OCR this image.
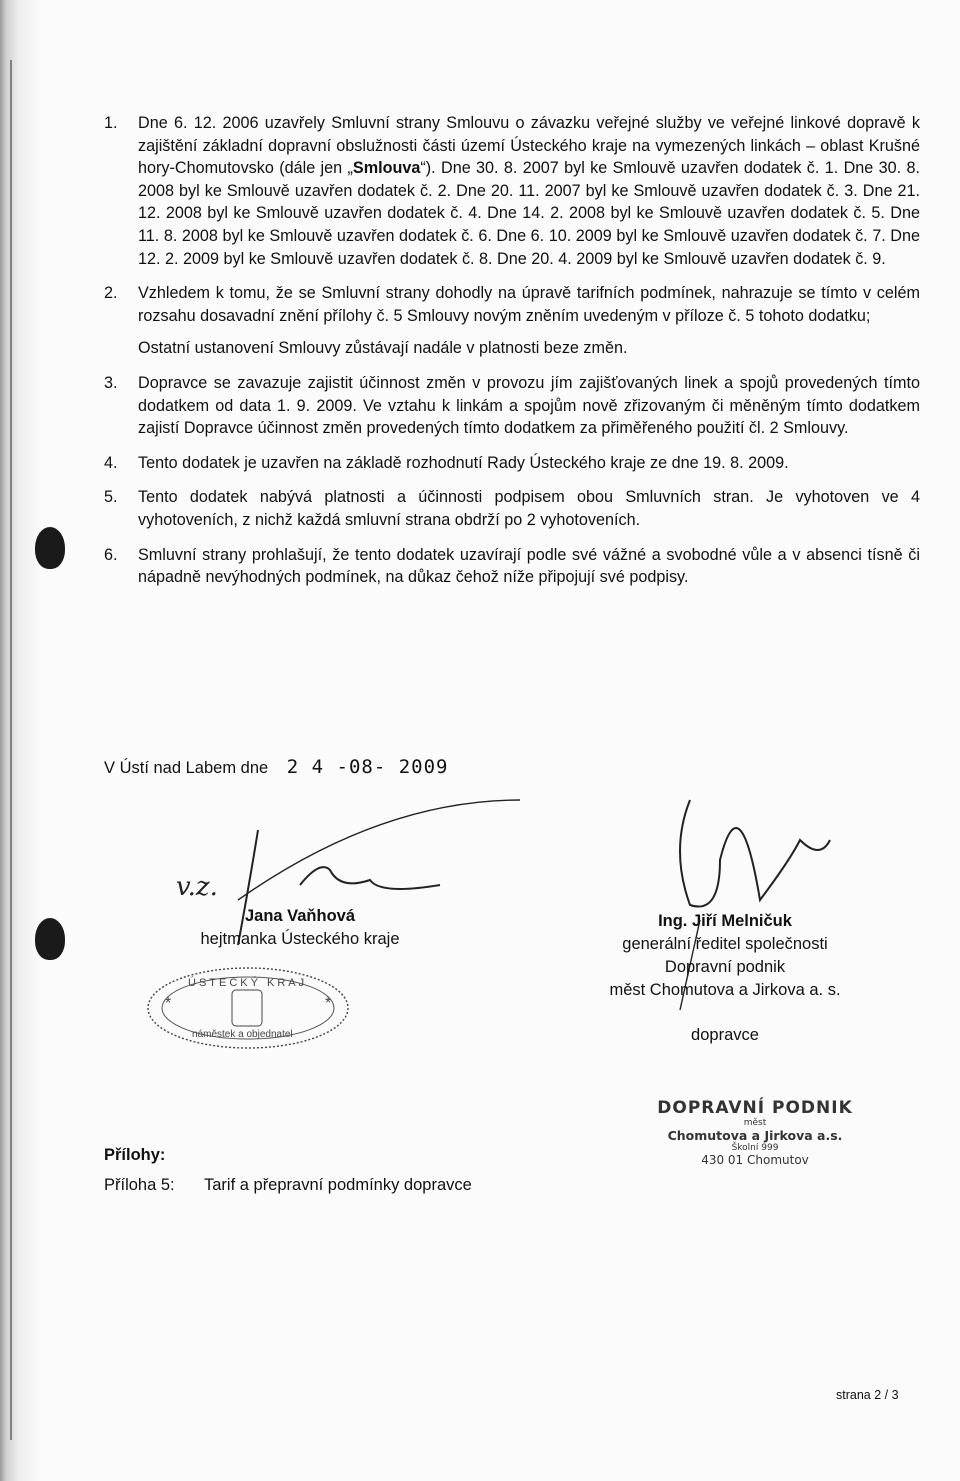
1. Dne 6. 12. 2006 uzavřely Smluvní strany Smlouvu o závazku veřejné služby ve veřejné linkové dopravě k zajištění základní dopravní obslužnosti části území Ústeckého kraje na vymezených linkách – oblast Krušné hory-Chomutovsko (dále jen „Smlouva“). Dne 30. 8. 2007 byl ke Smlouvě uzavřen dodatek č. 1. Dne 30. 8. 2008 byl ke Smlouvě uzavřen dodatek č. 2. Dne 20. 11. 2007 byl ke Smlouvě uzavřen dodatek č. 3. Dne 21. 12. 2008 byl ke Smlouvě uzavřen dodatek č. 4. Dne 14. 2. 2008 byl ke Smlouvě uzavřen dodatek č. 5. Dne 11. 8. 2008 byl ke Smlouvě uzavřen dodatek č. 6. Dne 6. 10. 2009 byl ke Smlouvě uzavřen dodatek č. 7. Dne 12. 2. 2009 byl ke Smlouvě uzavřen dodatek č. 8. Dne 20. 4. 2009 byl ke Smlouvě uzavřen dodatek č. 9.

2. Vzhledem k tomu, že se Smluvní strany dohodly na úpravě tarifních podmínek, nahrazuje se tímto v celém rozsahu dosavadní znění přílohy č. 5 Smlouvy novým zněním uvedeným v příloze č. 5 tohoto dodatku;

Ostatní ustanovení Smlouvy zůstávají nadále v platnosti beze změn.

3. Dopravce se zavazuje zajistit účinnost změn v provozu jím zajišťovaných linek a spojů provedených tímto dodatkem od data 1. 9. 2009. Ve vztahu k linkám a spojům nově zřizovaným či měněným tímto dodatkem zajistí Dopravce účinnost změn provedených tímto dodatkem za přiměřeného použití čl. 2 Smlouvy.

4. Tento dodatek je uzavřen na základě rozhodnutí Rady Ústeckého kraje ze dne 19. 8. 2009.

5. Tento dodatek nabývá platnosti a účinnosti podpisem obou Smluvních stran. Je vyhotoven ve 4 vyhotoveních, z nichž každá smluvní strana obdrží po 2 vyhotoveních.

6. Smluvní strany prohlašují, že tento dodatek uzavírají podle své vážné a svobodné vůle a v absenci tísně či nápadně nevýhodných podmínek, na důkaz čehož níže připojují své podpisy.

V Ústí nad Labem dne 2 4 -08- 2009
v.z.
*	*
ÚSTECKÝ KRAJ
náměstek a objednatel
Jana Vaňhová
hejtmanka Ústeckého kraje
Ing. Jiří Melničuk
generální ředitel společnosti
Dopravní podnik
měst Chomutova a Jirkova a. s.
dopravce
DOPRAVNÍ PODNIK
měst
Chomutova a Jirkova a.s.
Školní 999
430 01 Chomutov
Přílohy:
Příloha 5: Tarif a přepravní podmínky dopravce
strana 2 / 3
